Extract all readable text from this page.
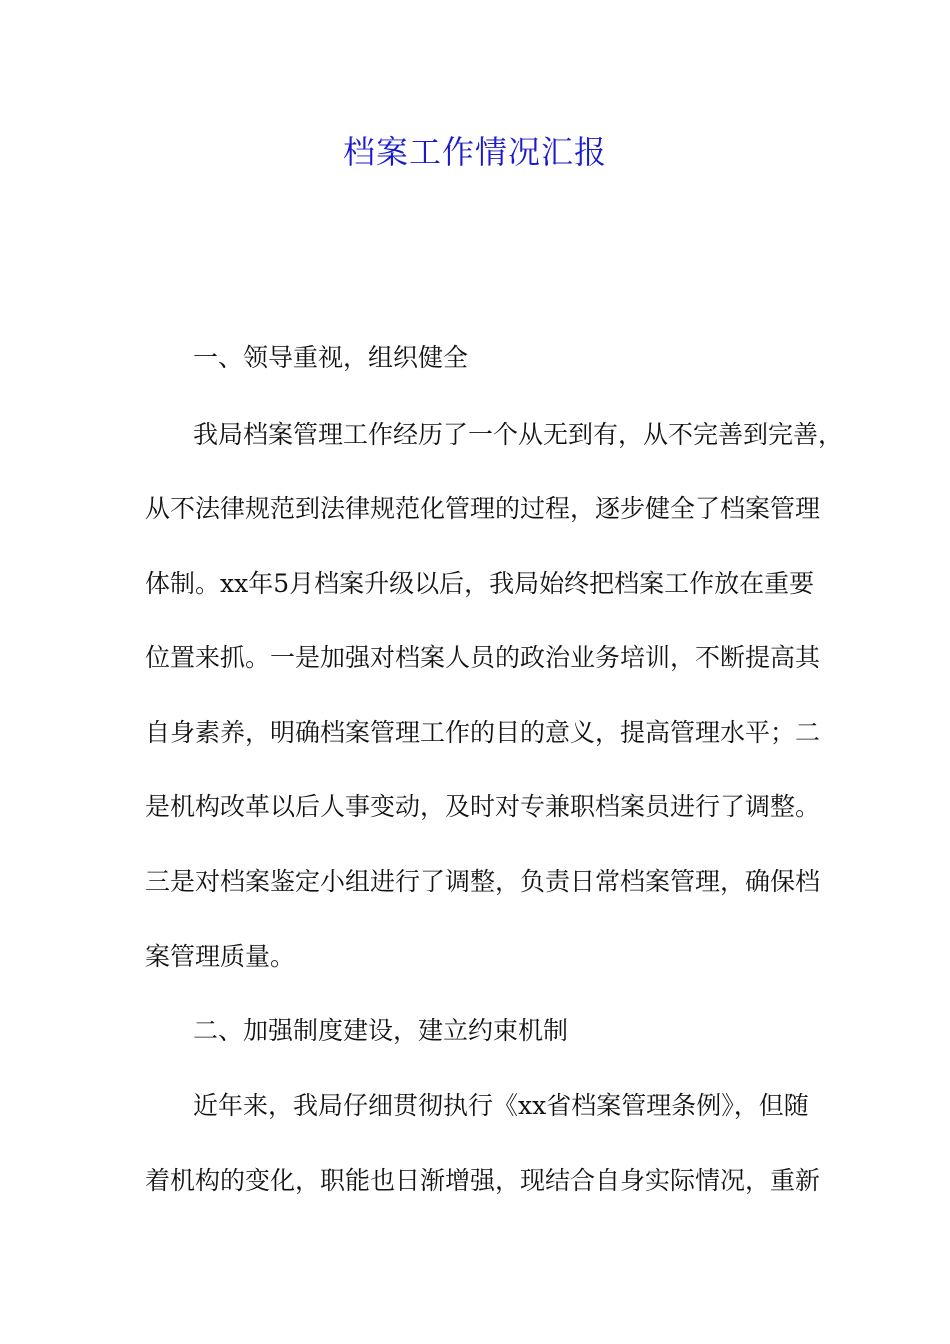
档案工作情况汇报

一、领导重视，组织健全

我局档案管理工作经历了一个从无到有，从不完善到完善，

从不法律规范到法律规范化管理的过程，逐步健全了档案管理

体制。xx年5月档案升级以后，我局始终把档案工作放在重要

位置来抓。一是加强对档案人员的政治业务培训，不断提高其

自身素养，明确档案管理工作的目的意义，提高管理水平；二

是机构改革以后人事变动，及时对专兼职档案员进行了调整。

三是对档案鉴定小组进行了调整，负责日常档案管理，确保档

案管理质量。

二、加强制度建设，建立约束机制

近年来，我局仔细贯彻执行《xx省档案管理条例》，但随

着机构的变化，职能也日渐增强，现结合自身实际情况，重新
